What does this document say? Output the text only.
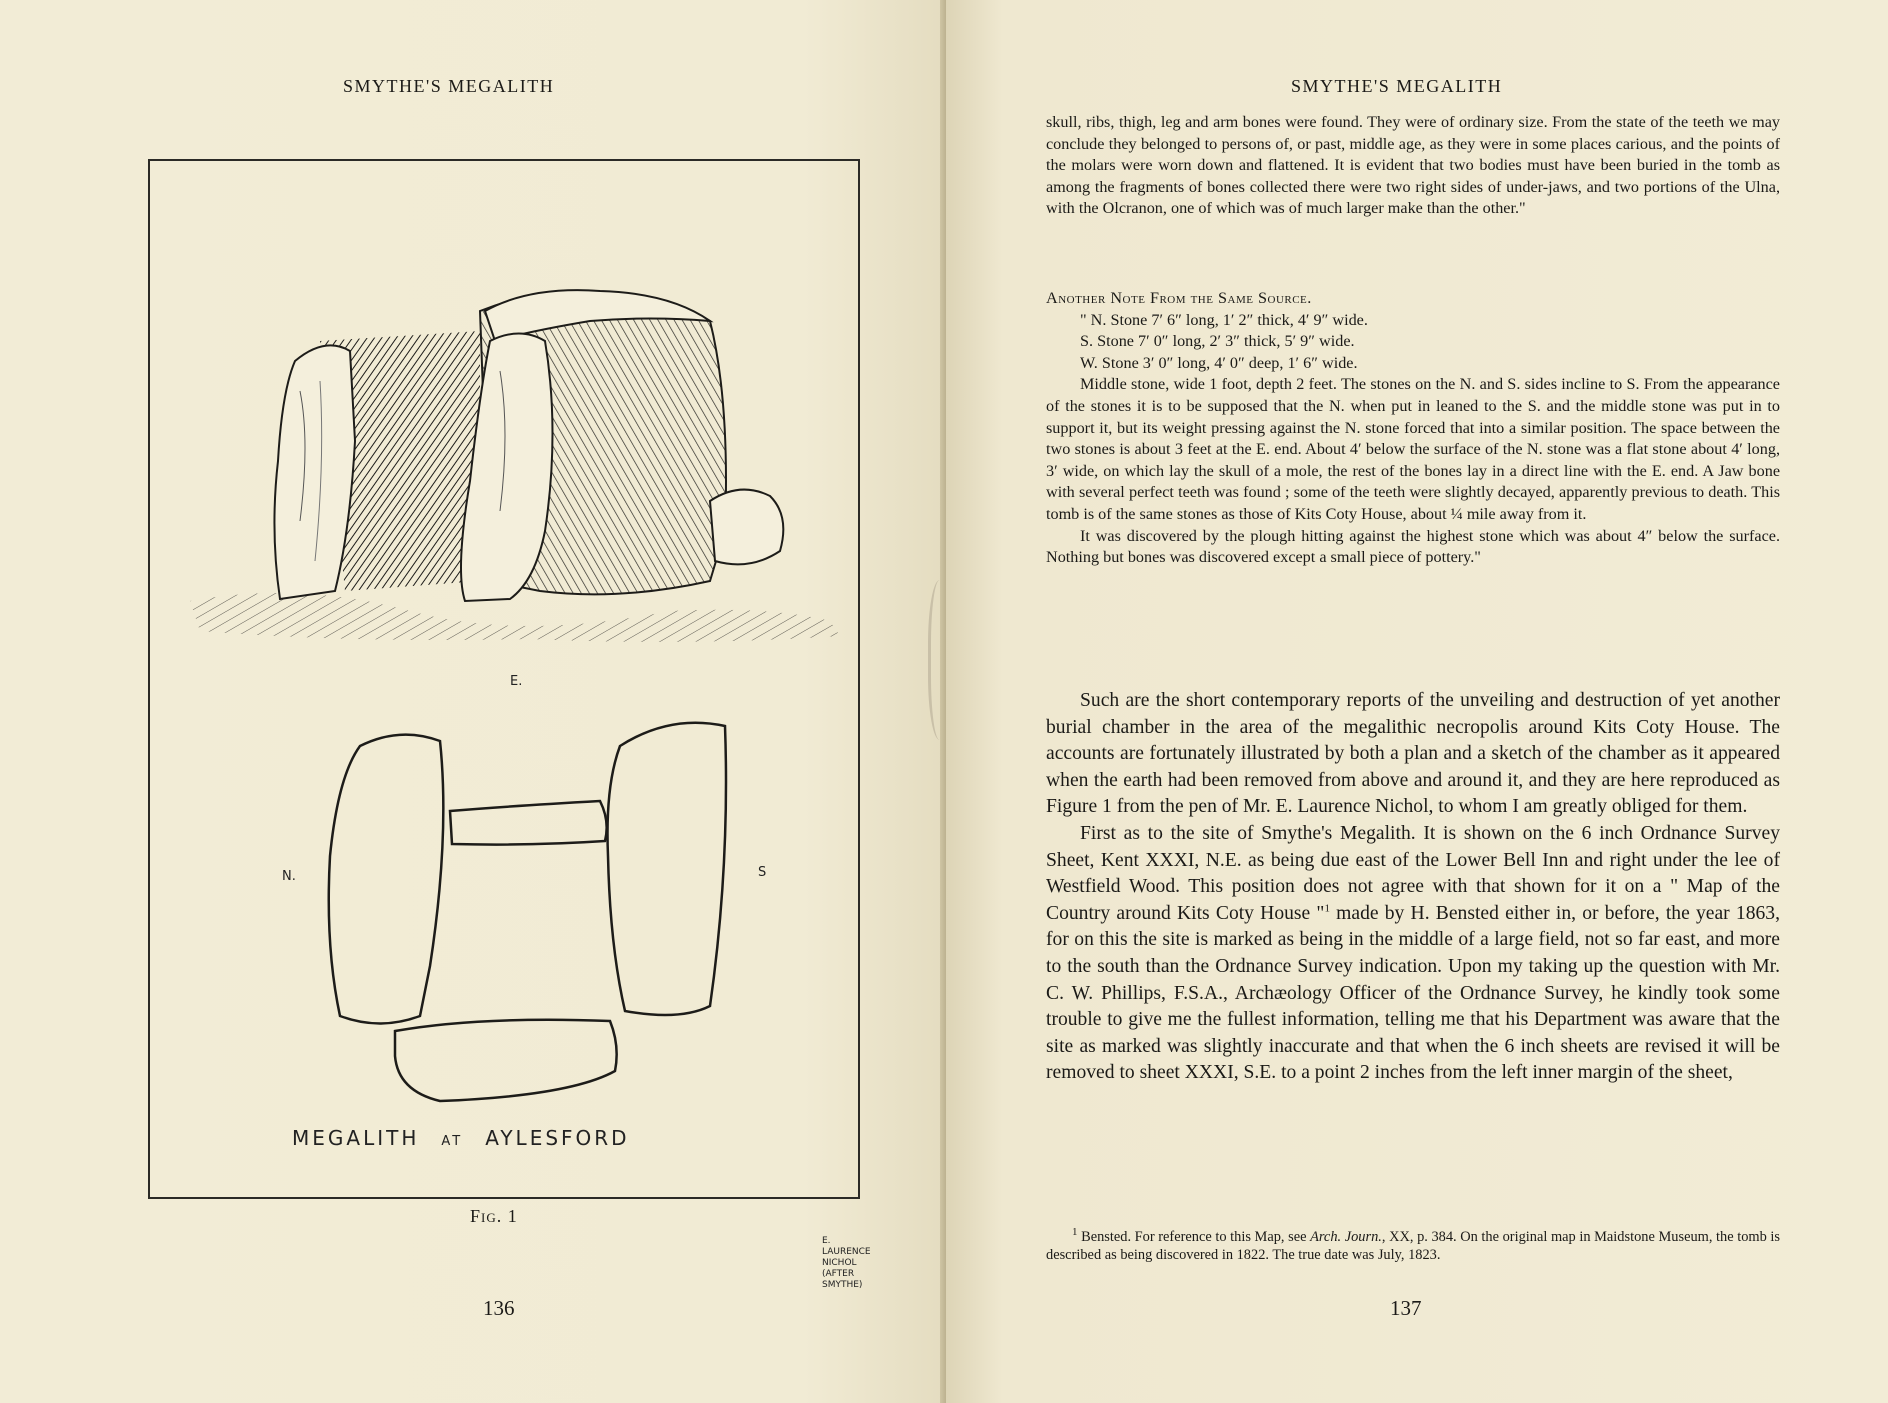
SMYTHE'S MEGALITH
E.
N.	S
E. LAURENCE NICHOL
(AFTER SMYTHE)
MEGALITH AT AYLESFORD
Fig. 1
136
SMYTHE'S MEGALITH

skull, ribs, thigh, leg and arm bones were found. They were of ordinary size. From the state of the teeth we may conclude they belonged to persons of, or past, middle age, as they were in some places carious, and the points of the molars were worn down and flattened. It is evident that two bodies must have been buried in the tomb as among the fragments of bones collected there were two right sides of under-jaws, and two portions of the Ulna, with the Olcranon, one of which was of much larger make than the other."

Another Note From the Same Source.

" N. Stone 7′ 6″ long, 1′ 2″ thick, 4′ 9″ wide.

S. Stone 7′ 0″ long, 2′ 3″ thick, 5′ 9″ wide.

W. Stone 3′ 0″ long, 4′ 0″ deep, 1′ 6″ wide.

Middle stone, wide 1 foot, depth 2 feet. The stones on the N. and S. sides incline to S. From the appearance of the stones it is to be supposed that the N. when put in leaned to the S. and the middle stone was put in to support it, but its weight pressing against the N. stone forced that into a similar position. The space between the two stones is about 3 feet at the E. end. About 4′ below the surface of the N. stone was a flat stone about 4′ long, 3′ wide, on which lay the skull of a mole, the rest of the bones lay in a direct line with the E. end. A Jaw bone with several perfect teeth was found ; some of the teeth were slightly decayed, apparently previous to death. This tomb is of the same stones as those of Kits Coty House, about ¼ mile away from it.

It was discovered by the plough hitting against the highest stone which was about 4″ below the surface. Nothing but bones was discovered except a small piece of pottery."

Such are the short contemporary reports of the unveiling and destruction of yet another burial chamber in the area of the megalithic necropolis around Kits Coty House. The accounts are fortunately illustrated by both a plan and a sketch of the chamber as it appeared when the earth had been removed from above and around it, and they are here reproduced as Figure 1 from the pen of Mr. E. Laurence Nichol, to whom I am greatly obliged for them.

First as to the site of Smythe's Megalith. It is shown on the 6 inch Ordnance Survey Sheet, Kent XXXI, N.E. as being due east of the Lower Bell Inn and right under the lee of Westfield Wood. This position does not agree with that shown for it on a " Map of the Country around Kits Coty House "$^1$ made by H. Bensted either in, or before, the year 1863, for on this the site is marked as being in the middle of a large field, not so far east, and more to the south than the Ordnance Survey indication. Upon my taking up the question with Mr. C. W. Phillips, F.S.A., Archæology Officer of the Ordnance Survey, he kindly took some trouble to give me the fullest information, telling me that his Department was aware that the site as marked was slightly inaccurate and that when the 6 inch sheets are revised it will be removed to sheet XXXI, S.E. to a point 2 inches from the left inner margin of the sheet,

$^1$ Bensted. For reference to this Map, see Arch. Journ., XX, p. 384. On the original map in Maidstone Museum, the tomb is described as being discovered in 1822. The true date was July, 1823.

137
